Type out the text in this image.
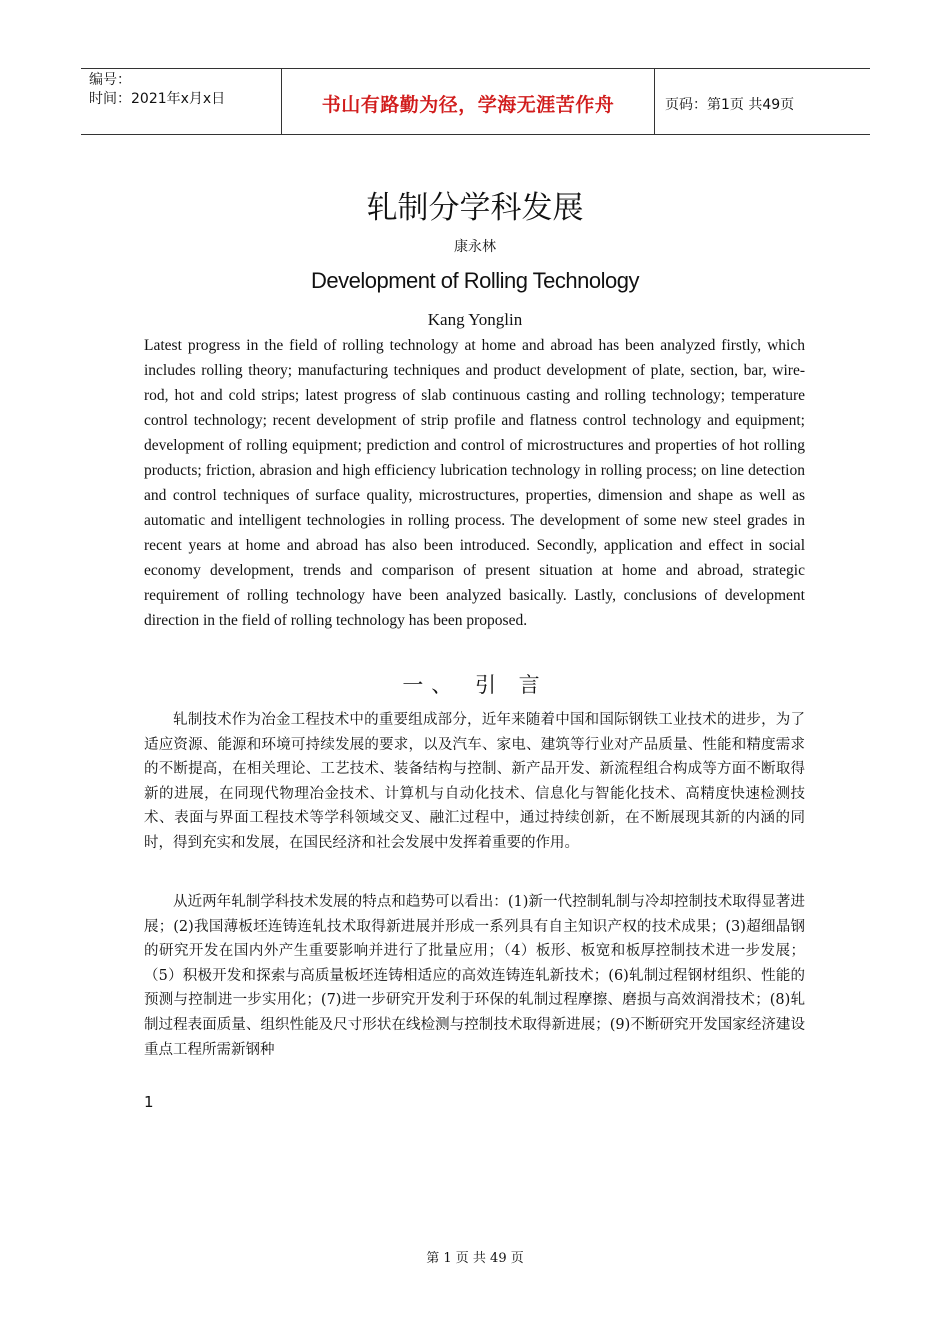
编号：
时间：2021年x月x日	书山有路勤为径，学海无涯苦作舟	页码：第1页 共49页
轧制分学科发展
康永林
Development of Rolling Technology
Kang Yonglin

Latest progress in the field of rolling technology at home and abroad has been analyzed firstly, which includes rolling theory; manufacturing techniques and product development of plate, section, bar, wire-rod, hot and cold strips; latest progress of slab continuous casting and rolling technology; temperature control technology; recent development of strip profile and flatness control technology and equipment; development of rolling equipment; prediction and control of microstructures and properties of hot rolling products; friction, abrasion and high efficiency lubrication technology in rolling process; on line detection and control techniques of surface quality, microstructures, properties, dimension and shape as well as automatic and intelligent technologies in rolling process. The development of some new steel grades in recent years at home and abroad has also been introduced. Secondly, application and effect in social economy development, trends and comparison of present situation at home and abroad, strategic requirement of rolling technology have been analyzed basically. Lastly, conclusions of development direction in the field of rolling technology has been proposed.

一、 引 言

轧制技术作为冶金工程技术中的重要组成部分，近年来随着中国和国际钢铁工业技术的进步，为了适应资源、能源和环境可持续发展的要求，以及汽车、家电、建筑等行业对产品质量、性能和精度需求的不断提高，在相关理论、工艺技术、装备结构与控制、新产品开发、新流程组合构成等方面不断取得新的进展，在同现代物理冶金技术、计算机与自动化技术、信息化与智能化技术、高精度快速检测技术、表面与界面工程技术等学科领域交叉、融汇过程中，通过持续创新，在不断展现其新的内涵的同时，得到充实和发展，在国民经济和社会发展中发挥着重要的作用。

从近两年轧制学科技术发展的特点和趋势可以看出：(1)新一代控制轧制与冷却控制技术取得显著进展；(2)我国薄板坯连铸连轧技术取得新进展并形成一系列具有自主知识产权的技术成果；(3)超细晶钢的研究开发在国内外产生重要影响并进行了批量应用；（4）板形、板宽和板厚控制技术进一步发展；（5）积极开发和探索与高质量板坯连铸相适应的高效连铸连轧新技术；(6)轧制过程钢材组织、性能的预测与控制进一步实用化；(7)进一步研究开发利于环保的轧制过程摩擦、磨损与高效润滑技术；(8)轧制过程表面质量、组织性能及尺寸形状在线检测与控制技术取得新进展；(9)不断研究开发国家经济建设重点工程所需新钢种

1
第 1 页 共 49 页
